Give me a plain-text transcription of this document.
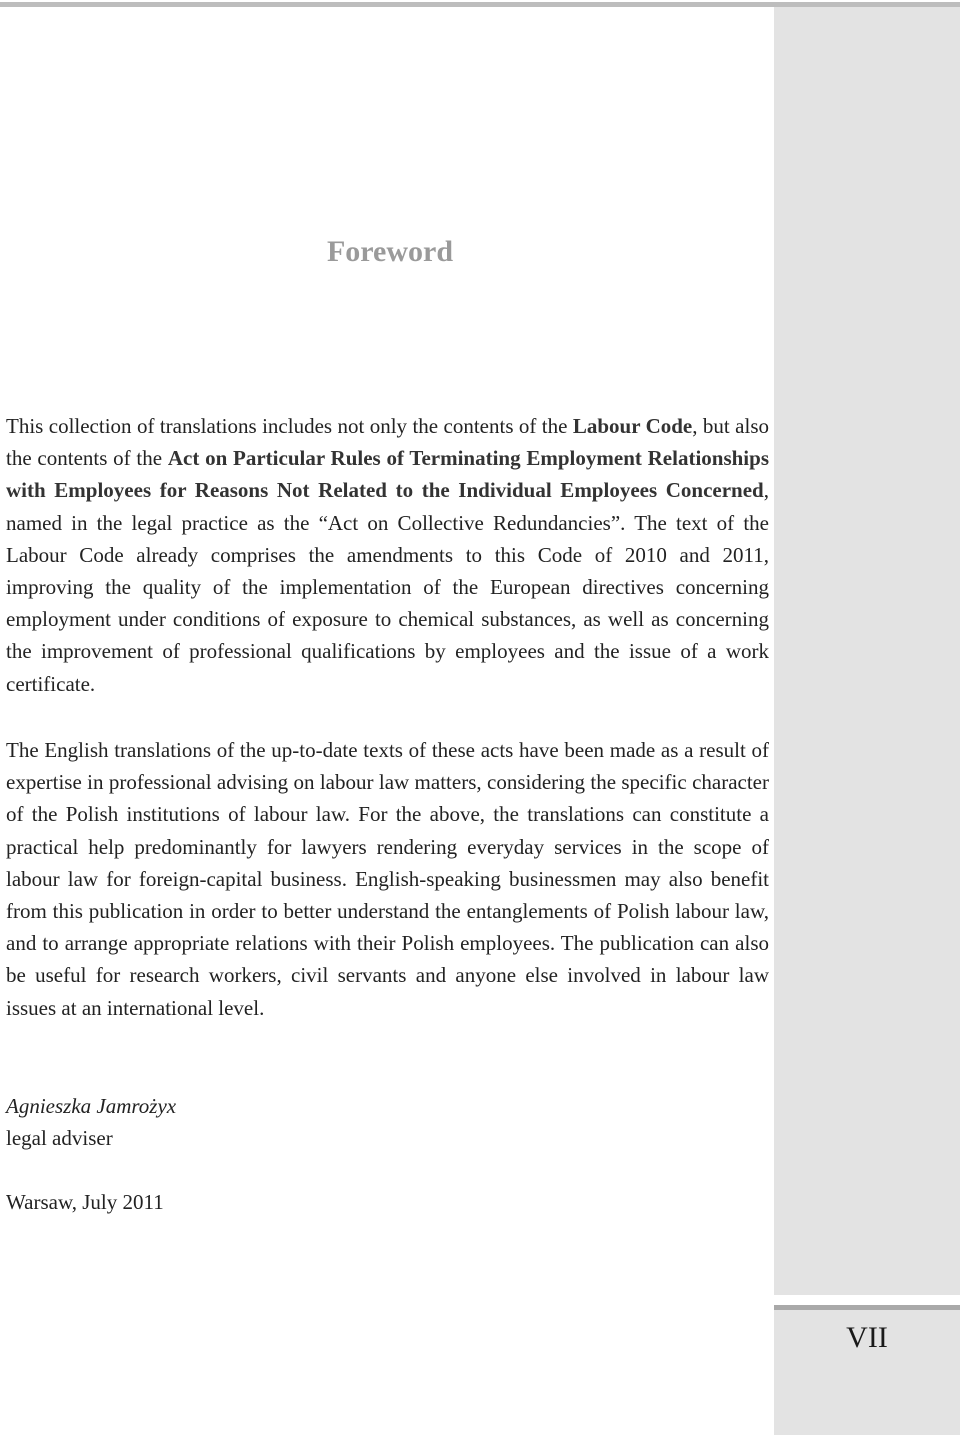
VII
Foreword

This collection of translations includes not only the contents of the Labour Code, but also the contents of the Act on Particular Rules of Terminating Employment Relationships with Employees for Reasons Not Related to the Individual Employees Concerned, named in the legal practice as the “Act on Collective Redundancies”. The text of the Labour Code already comprises the amendments to this Code of 2010 and 2011, improving the quality of the implementation of the European directives concerning employment under conditions of exposure to chemical substances, as well as concerning the improvement of professional qualifications by employees and the issue of a work certificate.

The English translations of the up-to-date texts of these acts have been made as a result of expertise in professional advising on labour law matters, considering the specific character of the Polish institutions of labour law. For the above, the translations can constitute a practical help predominantly for lawyers rendering everyday services in the scope of labour law for foreign-capital business. English-speaking businessmen may also benefit from this publication in order to better understand the entanglements of Polish labour law, and to arrange appropriate relations with their Polish employees. The publication can also be useful for research workers, civil servants and anyone else involved in labour law issues at an international level.

Agnieszka Jamrożyx

legal adviser

Warsaw, July 2011
